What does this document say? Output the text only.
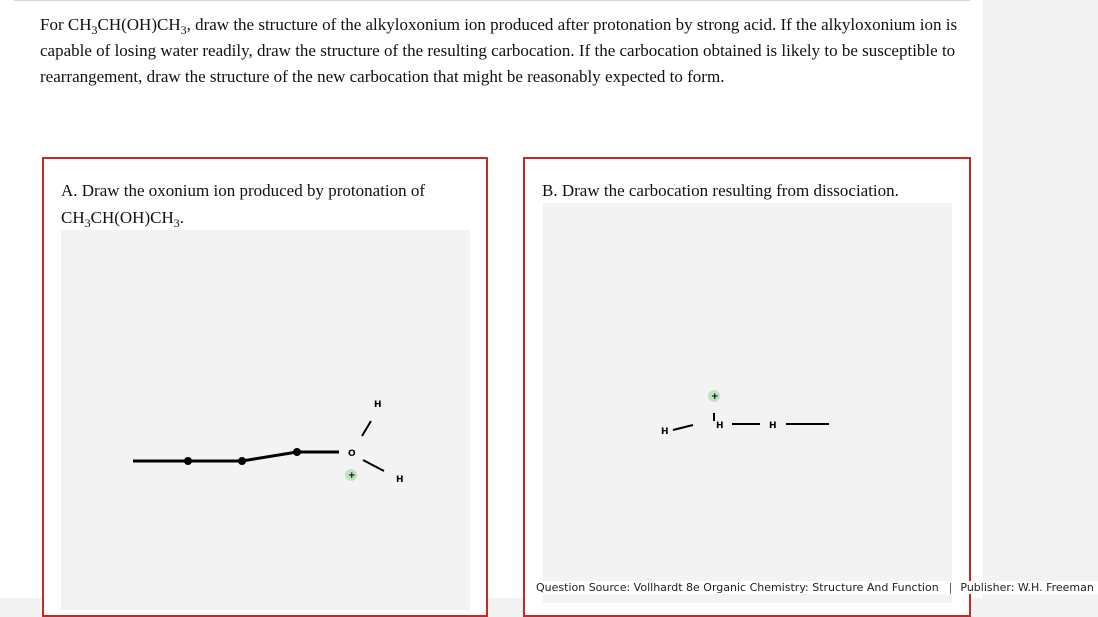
For $CH_3CH(OH)CH_3$, draw the structure of the alkyloxonium ion produced after protonation by strong acid. If the alkyloxonium ion is capable of losing water readily, draw the structure of the resulting carbocation. If the carbocation obtained is likely to be susceptible to rearrangement, draw the structure of the new carbocation that might be reasonably expected to form.
A. Draw the oxonium ion produced by protonation of
$CH_3CH(OH)CH_3$.
O
H
H
+
B. Draw the carbocation resulting from dissociation.
H
H	H
+
Question Source: Vollhardt 8e Organic Chemistry: Structure And Function | Publisher: W.H. Freeman
